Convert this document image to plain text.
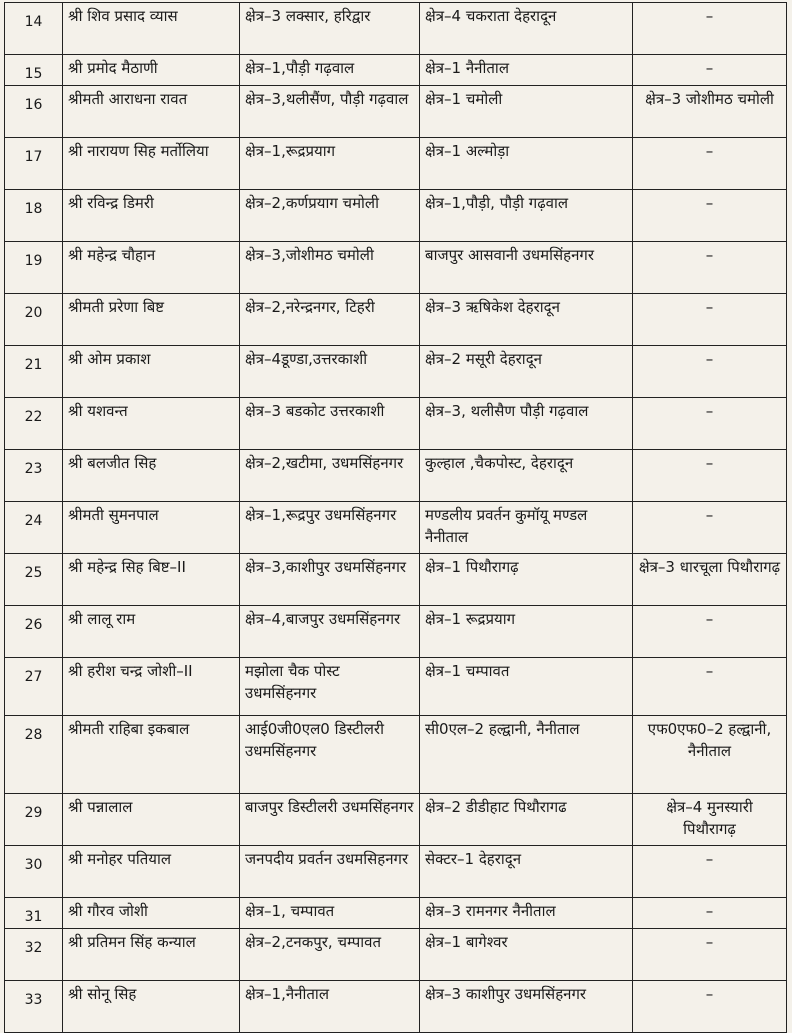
14	श्री शिव प्रसाद व्यास	क्षेत्र–3 लक्सार, हरिद्वार	क्षेत्र–4 चकराता देहरादून	–
15	श्री प्रमोद मैठाणी	क्षेत्र–1,पौड़ी गढ़वाल	क्षेत्र–1 नैनीताल	–
16	श्रीमती आराधना रावत	क्षेत्र–3,थलीसैंण, पौड़ी गढ़वाल	क्षेत्र–1 चमोली	क्षेत्र–3 जोशीमठ चमोली
17	श्री नारायण सिह मर्तोलिया	क्षेत्र–1,रूद्रप्रयाग	क्षेत्र–1 अल्मोड़ा	–
18	श्री रविन्द्र डिमरी	क्षेत्र–2,कर्णप्रयाग चमोली	क्षेत्र–1,पौड़ी, पौड़ी गढ़वाल	–
19	श्री महेन्द्र चौहान	क्षेत्र–3,जोशीमठ चमोली	बाजपुर आसवानी उधमसिंहनगर	–
20	श्रीमती प्ररेणा बिष्ट	क्षेत्र–2,नरेन्द्रनगर, टिहरी	क्षेत्र–3 ऋषिकेश देहरादून	–
21	श्री ओम प्रकाश	क्षेत्र–4डूण्डा,उत्तरकाशी	क्षेत्र–2 मसूरी देहरादून	–
22	श्री यशवन्त	क्षेत्र–3 बडकोट उत्तरकाशी	क्षेत्र–3, थलीसैण पौड़ी गढ़वाल	–
23	श्री बलजीत सिह	क्षेत्र–2,खटीमा, उधमसिंहनगर	कुल्हाल ,चैकपोस्ट, देहरादून	–
24	श्रीमती सुमनपाल	क्षेत्र–1,रूद्रपुर उधमसिंहनगर	मण्डलीय प्रवर्तन कुमॉयू मण्डल नैनीताल	–
25	श्री महेन्द्र सिह बिष्ट–II	क्षेत्र–3,काशीपुर उधमसिंहनगर	क्षेत्र–1 पिथौरागढ़	क्षेत्र–3 धारचूला पिथौरागढ़
26	श्री लालू राम	क्षेत्र–4,बाजपुर उधमसिंहनगर	क्षेत्र–1 रूद्रप्रयाग	–
27	श्री हरीश चन्द्र जोशी–II	मझोला चैक पोस्ट उधमसिंहनगर	क्षेत्र–1 चम्पावत	–
28	श्रीमती राहिबा इकबाल	आई0जी0एल0 डिस्टीलरी उधमसिंहनगर	सी0एल–2 हल्द्वानी, नैनीताल	एफ0एफ0–2 हल्द्वानी, नैनीताल
29	श्री पन्नालाल	बाजपुर डिस्टीलरी उधमसिंहनगर	क्षेत्र–2 डीडीहाट पिथौरागढ	क्षेत्र–4 मुनस्यारी पिथौरागढ़
30	श्री मनोहर पतियाल	जनपदीय प्रवर्तन उधमसिहनगर	सेक्टर–1 देहरादून	–
31	श्री गौरव जोशी	क्षेत्र–1, चम्पावत	क्षेत्र–3 रामनगर नैनीताल	–
32	श्री प्रतिमन सिंह कन्याल	क्षेत्र–2,टनकपुर, चम्पावत	क्षेत्र–1 बागेश्वर	–
33	श्री सोनू सिह	क्षेत्र–1,नैनीताल	क्षेत्र–3 काशीपुर उधमसिंहनगर	–
